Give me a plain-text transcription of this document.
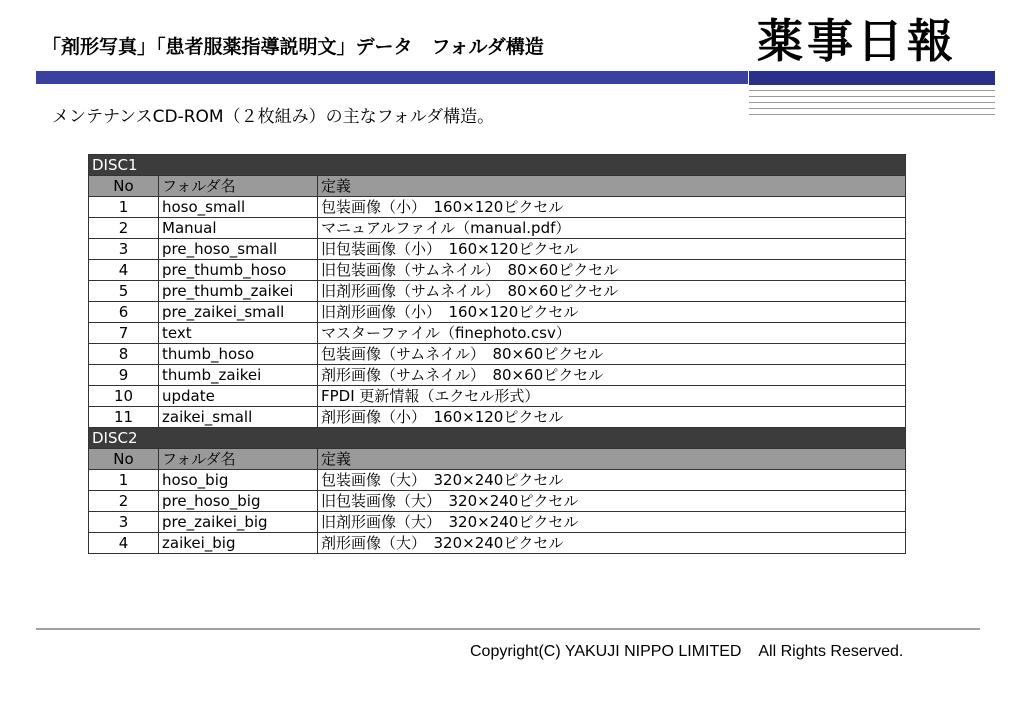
「剤形写真」「患者服薬指導説明文」データ　フォルダ構造	薬事日報
メンテナンスCD-ROM（２枚組み）の主なフォルダ構造。
DISC1		
No	フォルダ名	定義
1	hoso_small	包装画像（小）　160×120ピクセル
2	Manual	マニュアルファイル（manual.pdf）
3	pre_hoso_small	旧包装画像（小）　160×120ピクセル
4	pre_thumb_hoso	旧包装画像（サムネイル）　80×60ピクセル
5	pre_thumb_zaikei	旧剤形画像（サムネイル）　80×60ピクセル
6	pre_zaikei_small	旧剤形画像（小）　160×120ピクセル
7	text	マスターファイル（finephoto.csv）
8	thumb_hoso	包装画像（サムネイル）　80×60ピクセル
9	thumb_zaikei	剤形画像（サムネイル）　80×60ピクセル
10	update	FPDI 更新情報（エクセル形式）
11	zaikei_small	剤形画像（小）　160×120ピクセル
DISC2		
No	フォルダ名	定義
1	hoso_big	包装画像（大）　320×240ピクセル
2	pre_hoso_big	旧包装画像（大）　320×240ピクセル
3	pre_zaikei_big	旧剤形画像（大）　320×240ピクセル
4	zaikei_big	剤形画像（大）　320×240ピクセル
Copyright(C) YAKUJI NIPPO LIMITED    All Rights Reserved.
